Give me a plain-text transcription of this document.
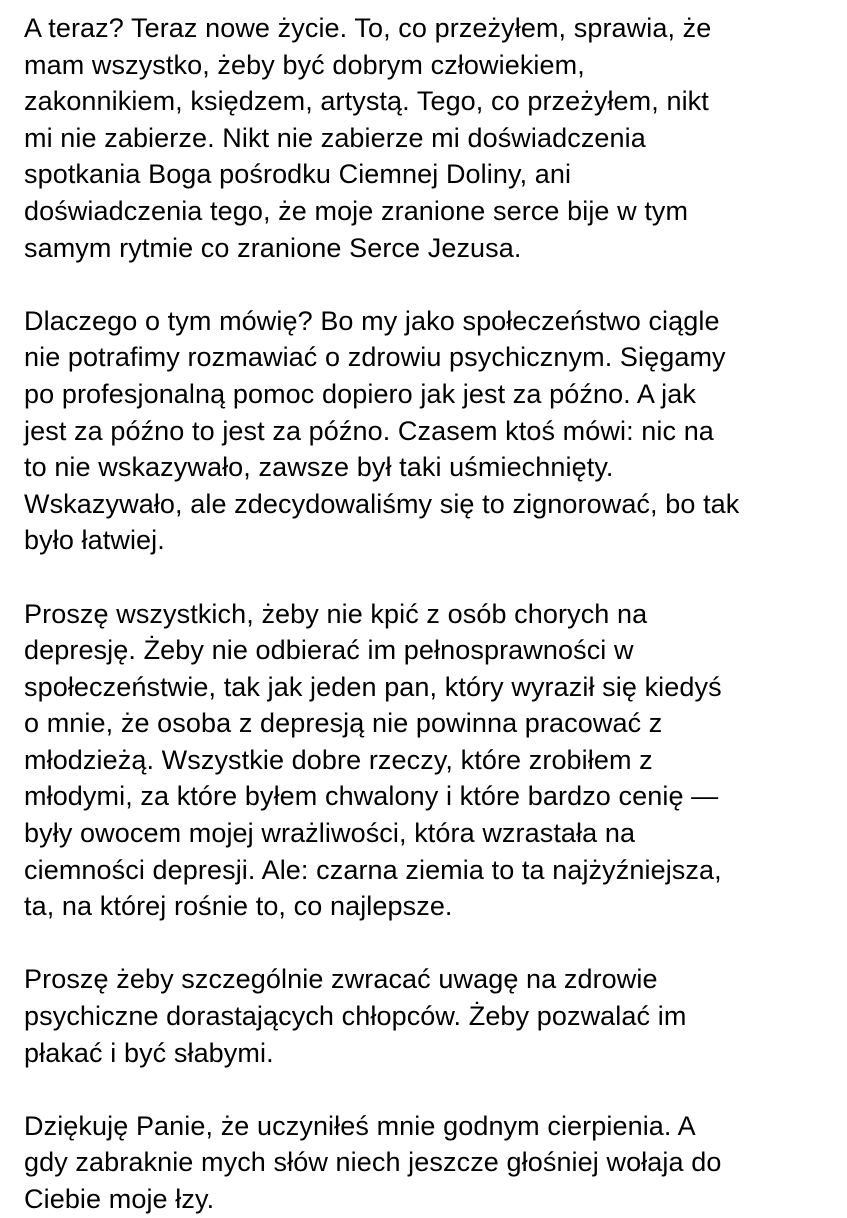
A teraz? Teraz nowe życie. To, co przeżyłem, sprawia, że
mam wszystko, żeby być dobrym człowiekiem,
zakonnikiem, księdzem, artystą. Tego, co przeżyłem, nikt
mi nie zabierze. Nikt nie zabierze mi doświadczenia
spotkania Boga pośrodku Ciemnej Doliny, ani
doświadczenia tego, że moje zranione serce bije w tym
samym rytmie co zranione Serce Jezusa.

Dlaczego o tym mówię? Bo my jako społeczeństwo ciągle
nie potrafimy rozmawiać o zdrowiu psychicznym. Sięgamy
po profesjonalną pomoc dopiero jak jest za późno. A jak
jest za późno to jest za późno. Czasem ktoś mówi: nic na
to nie wskazywało, zawsze był taki uśmiechnięty.
Wskazywało, ale zdecydowaliśmy się to zignorować, bo tak
było łatwiej.

Proszę wszystkich, żeby nie kpić z osób chorych na
depresję. Żeby nie odbierać im pełnosprawności w
społeczeństwie, tak jak jeden pan, który wyraził się kiedyś
o mnie, że osoba z depresją nie powinna pracować z
młodzieżą. Wszystkie dobre rzeczy, które zrobiłem z
młodymi, za które byłem chwalony i które bardzo cenię —
były owocem mojej wrażliwości, która wzrastała na
ciemności depresji. Ale: czarna ziemia to ta najżyźniejsza,
ta, na której rośnie to, co najlepsze.

Proszę żeby szczególnie zwracać uwagę na zdrowie
psychiczne dorastających chłopców. Żeby pozwalać im
płakać i być słabymi.

Dziękuję Panie, że uczyniłeś mnie godnym cierpienia. A
gdy zabraknie mych słów niech jeszcze głośniej wołaja do
Ciebie moje łzy.
